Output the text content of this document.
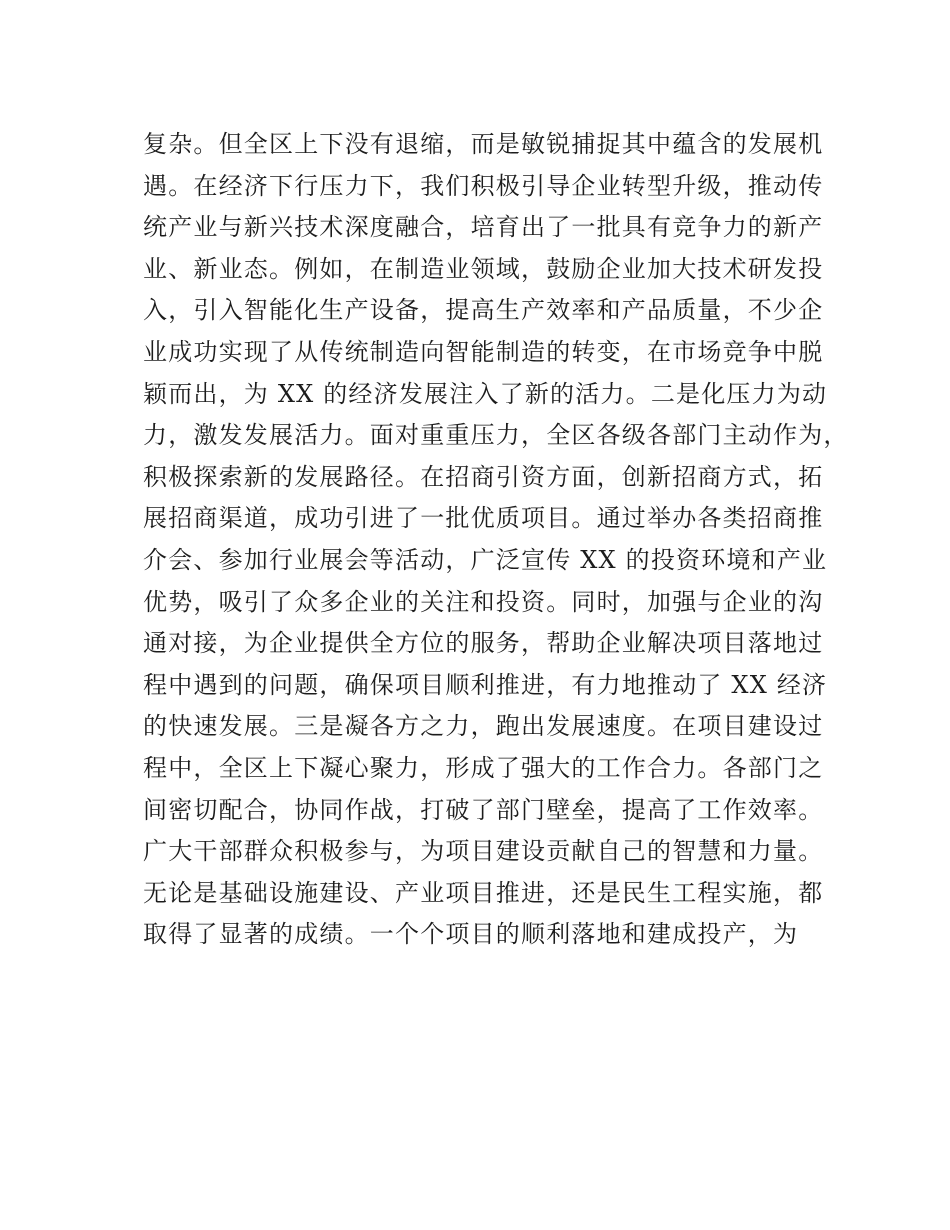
复杂。但全区上下没有退缩，而是敏锐捕捉其中蕴含的发展机
遇。在经济下行压力下，我们积极引导企业转型升级，推动传
统产业与新兴技术深度融合，培育出了一批具有竞争力的新产
业、新业态。例如，在制造业领域，鼓励企业加大技术研发投
入，引入智能化生产设备，提高生产效率和产品质量，不少企
业成功实现了从传统制造向智能制造的转变，在市场竞争中脱
颖而出，为 XX 的经济发展注入了新的活力。二是化压力为动
力，激发发展活力。面对重重压力，全区各级各部门主动作为，
积极探索新的发展路径。在招商引资方面，创新招商方式，拓
展招商渠道，成功引进了一批优质项目。通过举办各类招商推
介会、参加行业展会等活动，广泛宣传 XX 的投资环境和产业
优势，吸引了众多企业的关注和投资。同时，加强与企业的沟
通对接，为企业提供全方位的服务，帮助企业解决项目落地过
程中遇到的问题，确保项目顺利推进，有力地推动了 XX 经济
的快速发展。三是凝各方之力，跑出发展速度。在项目建设过
程中，全区上下凝心聚力，形成了强大的工作合力。各部门之
间密切配合，协同作战，打破了部门壁垒，提高了工作效率。
广大干部群众积极参与，为项目建设贡献自己的智慧和力量。
无论是基础设施建设、产业项目推进，还是民生工程实施，都
取得了显著的成绩。一个个项目的顺利落地和建成投产，为
